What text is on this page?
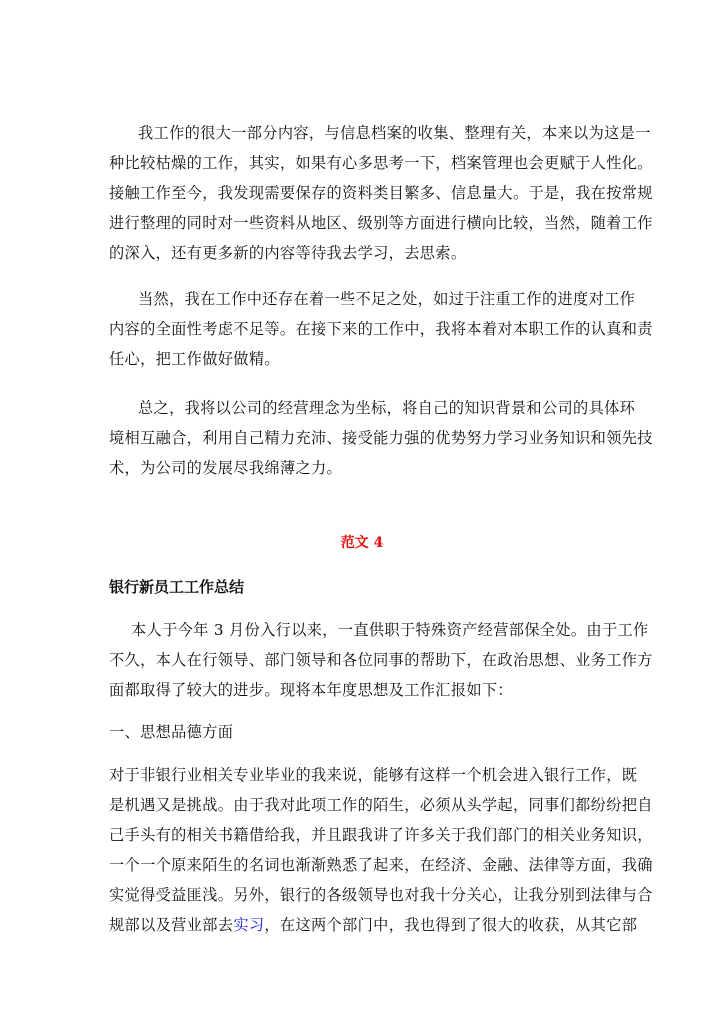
我工作的很大一部分内容，与信息档案的收集、整理有关，本来以为这是一
种比较枯燥的工作，其实，如果有心多思考一下，档案管理也会更赋于人性化。
接触工作至今，我发现需要保存的资料类目繁多、信息量大。于是，我在按常规
进行整理的同时对一些资料从地区、级别等方面进行横向比较，当然，随着工作
的深入，还有更多新的内容等待我去学习，去思索。
当然，我在工作中还存在着一些不足之处，如过于注重工作的进度对工作
内容的全面性考虑不足等。在接下来的工作中，我将本着对本职工作的认真和责
任心，把工作做好做精。
总之，我将以公司的经营理念为坐标，将自己的知识背景和公司的具体环
境相互融合，利用自己精力充沛、接受能力强的优势努力学习业务知识和领先技
术，为公司的发展尽我绵薄之力。
范文 4
银行新员工工作总结
本人于今年 3 月份入行以来，一直供职于特殊资产经营部保全处。由于工作
不久，本人在行领导、部门领导和各位同事的帮助下，在政治思想、业务工作方
面都取得了较大的进步。现将本年度思想及工作汇报如下：
一、思想品德方面
对于非银行业相关专业毕业的我来说，能够有这样一个机会进入银行工作，既
是机遇又是挑战。由于我对此项工作的陌生，必须从头学起，同事们都纷纷把自
己手头有的相关书籍借给我，并且跟我讲了许多关于我们部门的相关业务知识，
一个一个原来陌生的名词也渐渐熟悉了起来，在经济、金融、法律等方面，我确
实觉得受益匪浅。另外，银行的各级领导也对我十分关心，让我分别到法律与合
规部以及营业部去实习，在这两个部门中，我也得到了很大的收获，从其它部
